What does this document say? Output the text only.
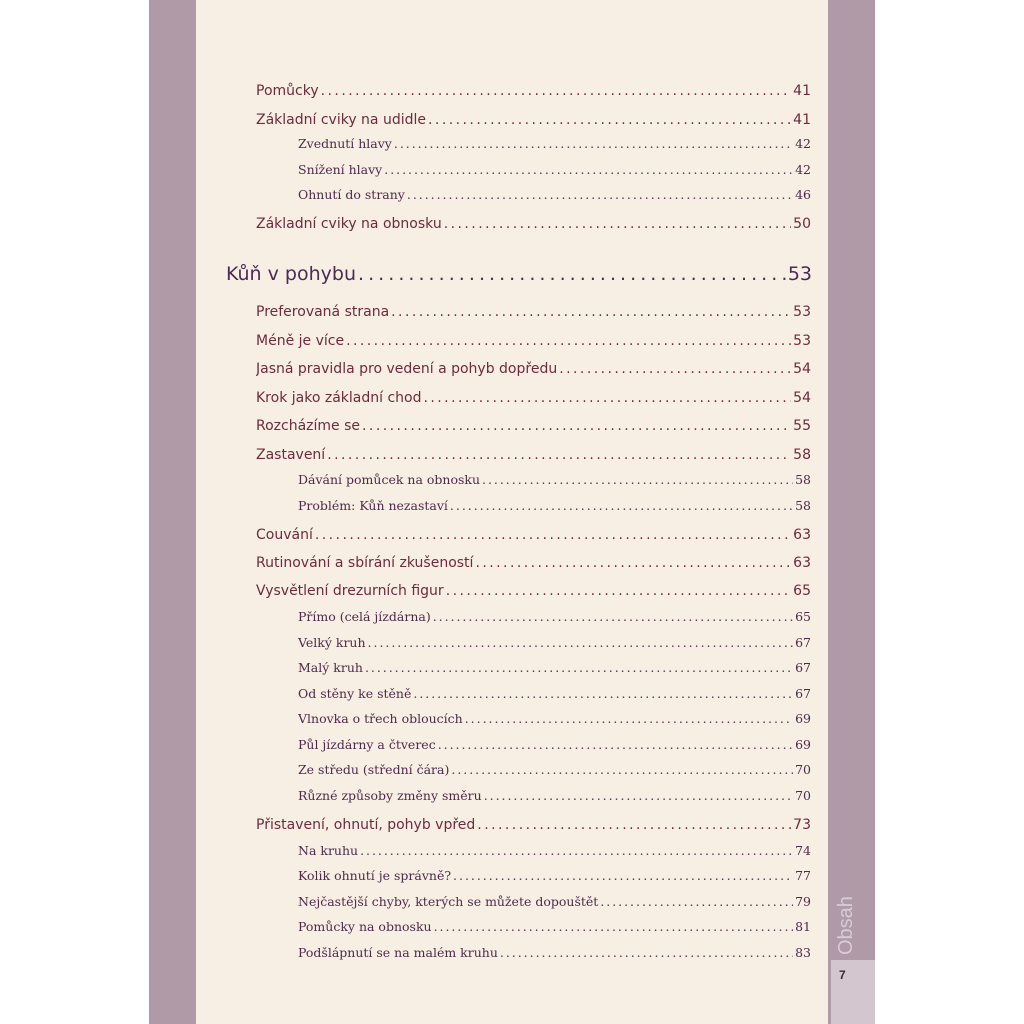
Pomůcky . . .	41
Základní cviky na udidle . . .	41
Zvednutí hlavy . . .	42
Snížení hlavy . . .	42
Ohnutí do strany . . .	46
Základní cviky na obnosku . . .	50
Kůň v pohybu . . .	53
Preferovaná strana . . .	53
Méně je více . . .	53
Jasná pravidla pro vedení a pohyb dopředu . . .	54
Krok jako základní chod . . .	54
Rozcházíme se . . .	55
Zastavení . . .	58
Dávání pomůcek na obnosku . . .	58
Problém: Kůň nezastaví . . .	58
Couvání . . .	63
Rutinování a sbírání zkušeností . . .	63
Vysvětlení drezurních figur . . .	65
Přímo (celá jízdárna) . . .	65
Velký kruh . . .	67
Malý kruh . . .	67
Od stěny ke stěně . . .	67
Vlnovka o třech obloucích . . .	69
Půl jízdárny a čtverec . . .	69
Ze středu (střední čára) . . .	70
Různé způsoby změny směru . . .	70
Přistavení, ohnutí, pohyb vpřed . . .	73
Na kruhu . . .	74
Kolik ohnutí je správně? . . .	77
Nejčastější chyby, kterých se můžete dopouštět . . .	79
Pomůcky na obnosku . . .	81
Podšlápnutí se na malém kruhu . . .	83 Obsah
7
